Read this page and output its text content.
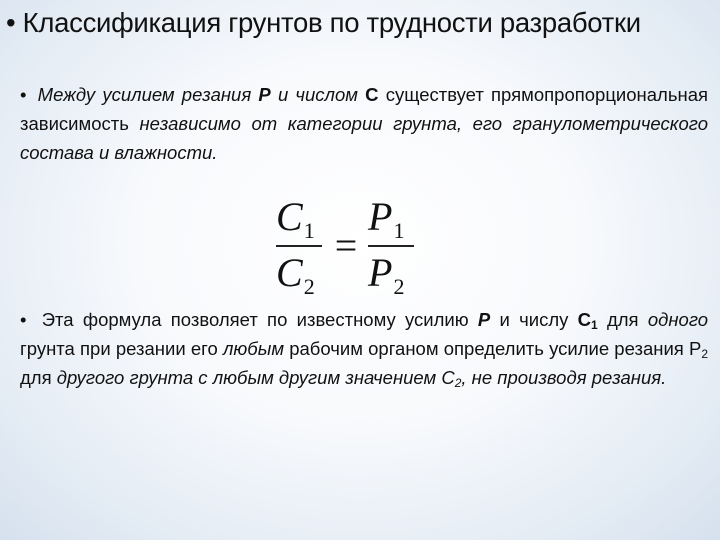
• Классификация грунтов по трудности разработки
• Между усилием резания Р и числом С существует прямопропорциональная зависимость независимо от категории грунта, его гранулометрического состава и влажности.
$C_1$
$C_2$
=
$P_1$
$P_2$
• Эта формула позволяет по известному усилию Р и числу $С_1$ для одного грунта при резании его любым рабочим органом определить усилие резания $Р_2$ для другого грунта с любым другим значением $С_2$, не производя резания.
